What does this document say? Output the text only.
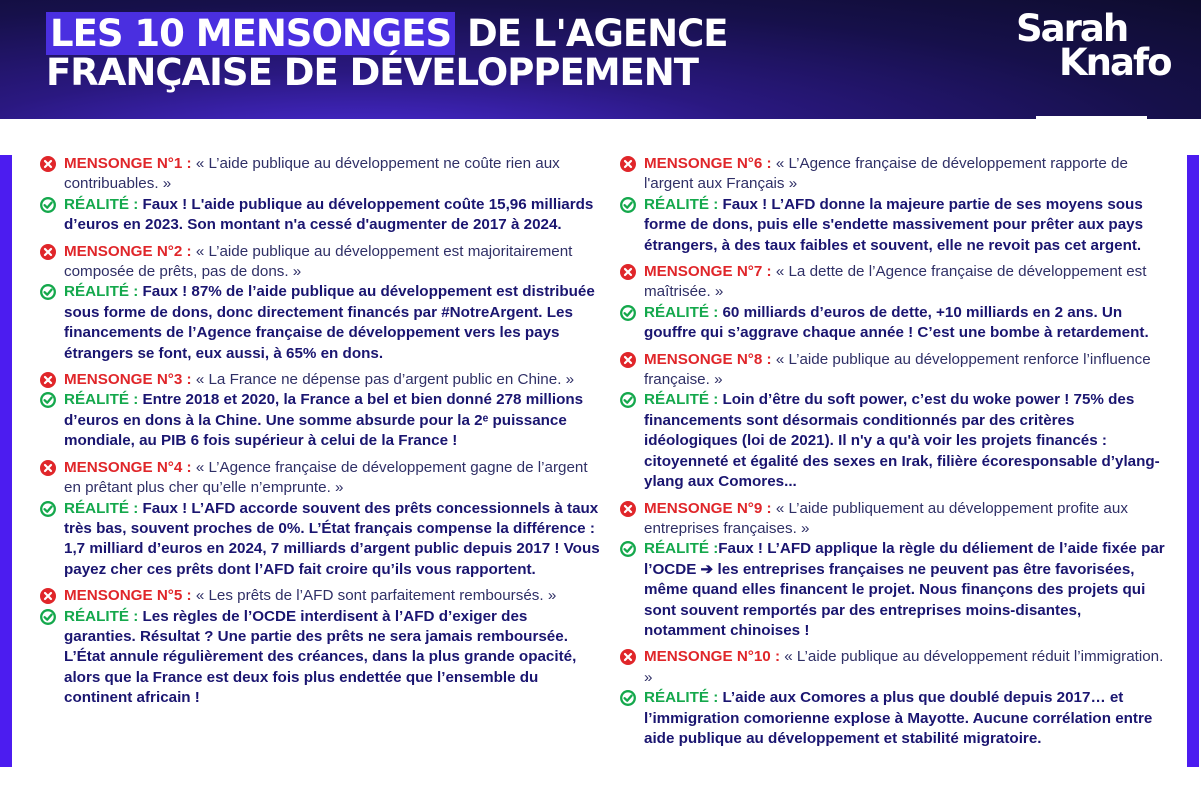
LES 10 MENSONGES DE L'AGENCE
FRANÇAISE DE DÉVELOPPEMENT
Sarah
Knafo
MENSONGE N°1 : « L’aide publique au développement ne coûte rien aux contribuables. »
RÉALITÉ : Faux ! L'aide publique au développement coûte 15,96 milliards d’euros en 2023. Son montant n'a cessé d'augmenter de 2017 à 2024.
MENSONGE N°2 : « L’aide publique au développement est majoritairement composée de prêts, pas de dons. »
RÉALITÉ : Faux ! 87% de l’aide publique au développement est distribuée sous forme de dons, donc directement financés par #NotreArgent. Les financements de l’Agence française de développement vers les pays étrangers se font, eux aussi, à 65% en dons.
MENSONGE N°3 : « La France ne dépense pas d’argent public en Chine. »
RÉALITÉ : Entre 2018 et 2020, la France a bel et bien donné 278 millions d’euros en dons à la Chine. Une somme absurde pour la 2ᵉ puissance mondiale, au PIB 6 fois supérieur à celui de la France !
MENSONGE N°4 : « L’Agence française de développement gagne de l’argent en prêtant plus cher qu’elle n’emprunte. »
RÉALITÉ : Faux ! L’AFD accorde souvent des prêts concessionnels à taux très bas, souvent proches de 0%. L’État français compense la différence : 1,7 milliard d’euros en 2024, 7 milliards d’argent public depuis 2017 ! Vous payez cher ces prêts dont l’AFD fait croire qu’ils vous rapportent.
MENSONGE N°5 : « Les prêts de l’AFD sont parfaitement remboursés. »
RÉALITÉ : Les règles de l’OCDE interdisent à l’AFD d’exiger des garanties. Résultat ? Une partie des prêts ne sera jamais remboursée. L’État annule régulièrement des créances, dans la plus grande opacité, alors que la France est deux fois plus endettée que l’ensemble du continent africain !
MENSONGE N°6 : « L’Agence française de développement rapporte de l'argent aux Français »
RÉALITÉ : Faux ! L’AFD donne la majeure partie de ses moyens sous forme de dons, puis elle s'endette massivement pour prêter aux pays étrangers, à des taux faibles et souvent, elle ne revoit pas cet argent.
MENSONGE N°7 : « La dette de l’Agence française de développement est maîtrisée. »
RÉALITÉ : 60 milliards d’euros de dette, +10 milliards en 2 ans. Un gouffre qui s’aggrave chaque année ! C’est une bombe à retardement.
MENSONGE N°8 : « L’aide publique au développement renforce l’influence française. »
RÉALITÉ : Loin d’être du soft power, c’est du woke power ! 75% des financements sont désormais conditionnés par des critères idéologiques (loi de 2021). Il n'y a qu'à voir les projets financés : citoyenneté et égalité des sexes en Irak, filière écoresponsable d’ylang-ylang aux Comores...
MENSONGE N°9 : « L’aide publiquement au développement profite aux entreprises françaises. »
RÉALITÉ :Faux ! L’AFD applique la règle du déliement de l’aide fixée par l’OCDE ➔ les entreprises françaises ne peuvent pas être favorisées, même quand elles financent le projet. Nous finançons des projets qui sont souvent remportés par des entreprises moins-disantes, notamment chinoises !
MENSONGE N°10 : « L’aide publique au développement réduit l’immigration. »
RÉALITÉ : L’aide aux Comores a plus que doublé depuis 2017… et l’immigration comorienne explose à Mayotte. Aucune corrélation entre aide publique au développement et stabilité migratoire.
